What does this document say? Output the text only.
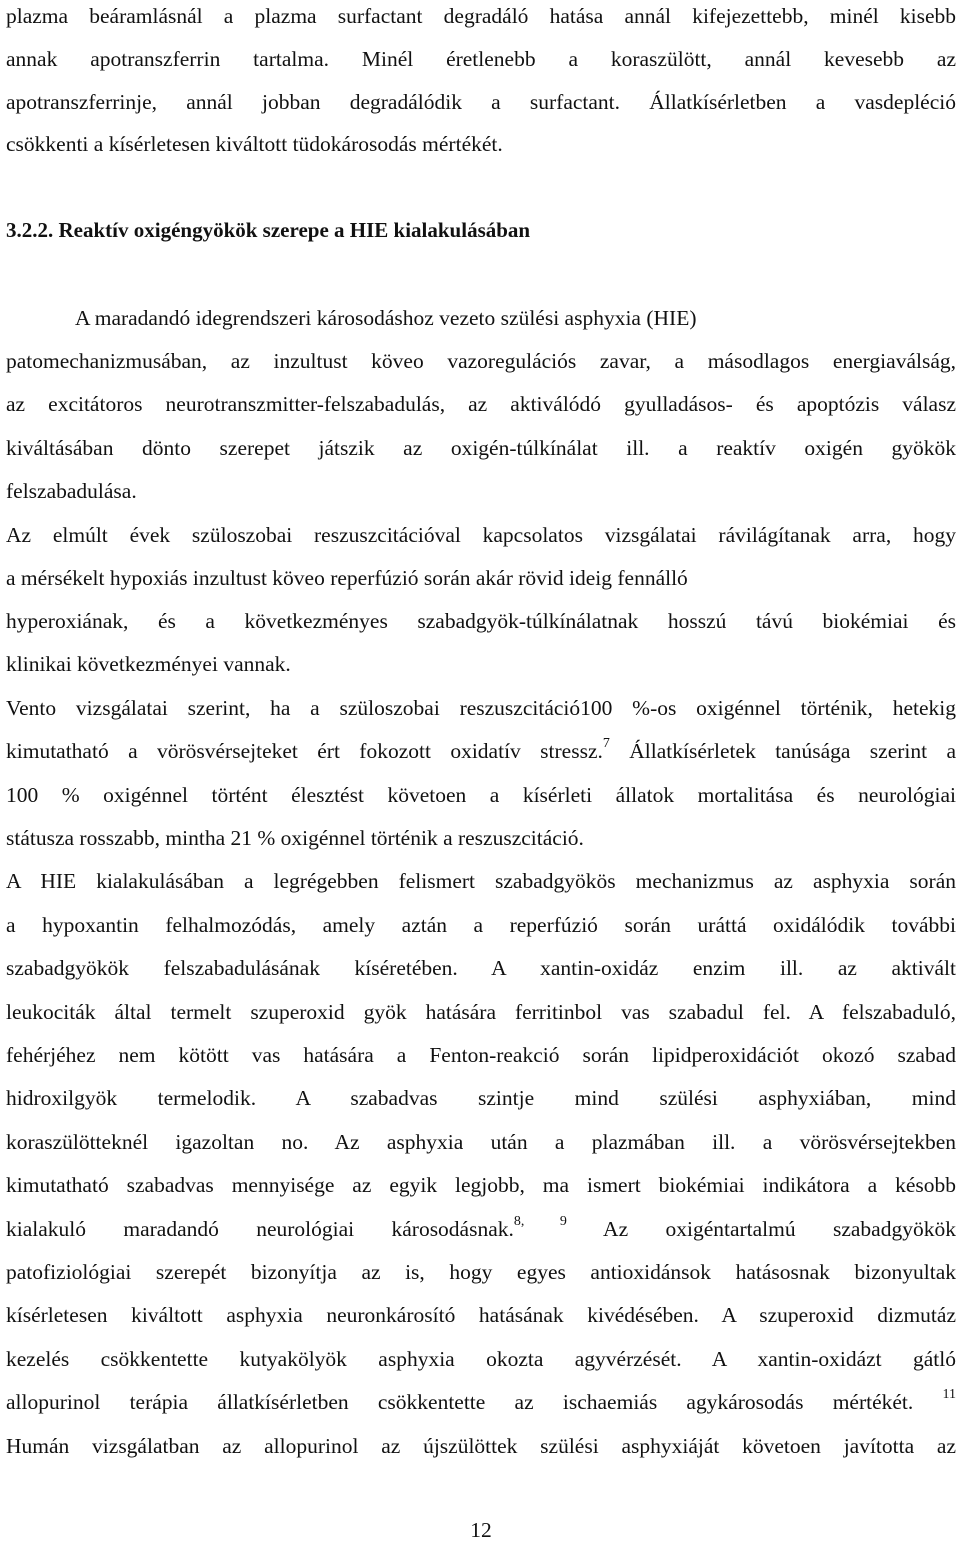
plazma beáramlásnál a plazma surfactant degradáló hatása annál kifejezettebb, minél kisebb
annak apotranszferrin tartalma. Minél éretlenebb a koraszülött, annál kevesebb az
apotranszferrinje, annál jobban degradálódik a surfactant. Állatkísérletben a vasdepléció
csökkenti a kísérletesen kiváltott tüdokárosodás mértékét.
3.2.2. Reaktív oxigéngyökök szerepe a HIE kialakulásában
A maradandó idegrendszeri károsodáshoz vezeto szülési asphyxia (HIE)
patomechanizmusában, az inzultust köveo vazoregulációs zavar, a másodlagos energiaválság,
az excitátoros neurotranszmitter-felszabadulás, az aktiválódó gyulladásos- és apoptózis válasz
kiváltásában dönto szerepet játszik az oxigén-túlkínálat ill. a reaktív oxigén gyökök
felszabadulása.
Az elmúlt évek szüloszobai reszuszcitációval kapcsolatos vizsgálatai rávilágítanak arra, hogy
a mérsékelt hypoxiás inzultust köveo reperfúzió során akár rövid ideig fennálló
hyperoxiának, és a következményes szabadgyök-túlkínálatnak hosszú távú biokémiai és
klinikai következményei vannak.
Vento vizsgálatai szerint, ha a szüloszobai reszuszcitáció100 %-os oxigénnel történik, hetekig
kimutatható a vörösvérsejteket ért fokozott oxidatív stressz.$^7$ Állatkísérletek tanúsága szerint a
100 % oxigénnel történt élesztést követoen a kísérleti állatok mortalitása és neurológiai
státusza rosszabb, mintha 21 % oxigénnel történik a reszuszcitáció.
A HIE kialakulásában a legrégebben felismert szabadgyökös mechanizmus az asphyxia során
a hypoxantin felhalmozódás, amely aztán a reperfúzió során uráttá oxidálódik további
szabadgyökök felszabadulásának kíséretében. A xantin-oxidáz enzim ill. az aktivált
leukociták által termelt szuperoxid gyök hatására ferritinbol vas szabadul fel. A felszabaduló,
fehérjéhez nem kötött vas hatására a Fenton-reakció során lipidperoxidációt okozó szabad
hidroxilgyök termelodik. A szabadvas szintje mind szülési asphyxiában, mind
koraszülötteknél igazoltan no. Az asphyxia után a plazmában ill. a vörösvérsejtekben
kimutatható szabadvas mennyisége az egyik legjobb, ma ismert biokémiai indikátora a késobb
kialakuló maradandó neurológiai károsodásnak.$^{8, 9}$ Az oxigéntartalmú szabadgyökök
patofiziológiai szerepét bizonyítja az is, hogy egyes antioxidánsok hatásosnak bizonyultak
kísérletesen kiváltott asphyxia neuronkárosító hatásának kivédésében. A szuperoxid dizmutáz
kezelés csökkentette kutyakölyök asphyxia okozta agyvérzését. A xantin-oxidázt gátló
allopurinol terápia állatkísérletben csökkentette az ischaemiás agykárosodás mértékét. $^{11}$
Humán vizsgálatban az allopurinol az újszülöttek szülési asphyxiáját követoen javította az
12
